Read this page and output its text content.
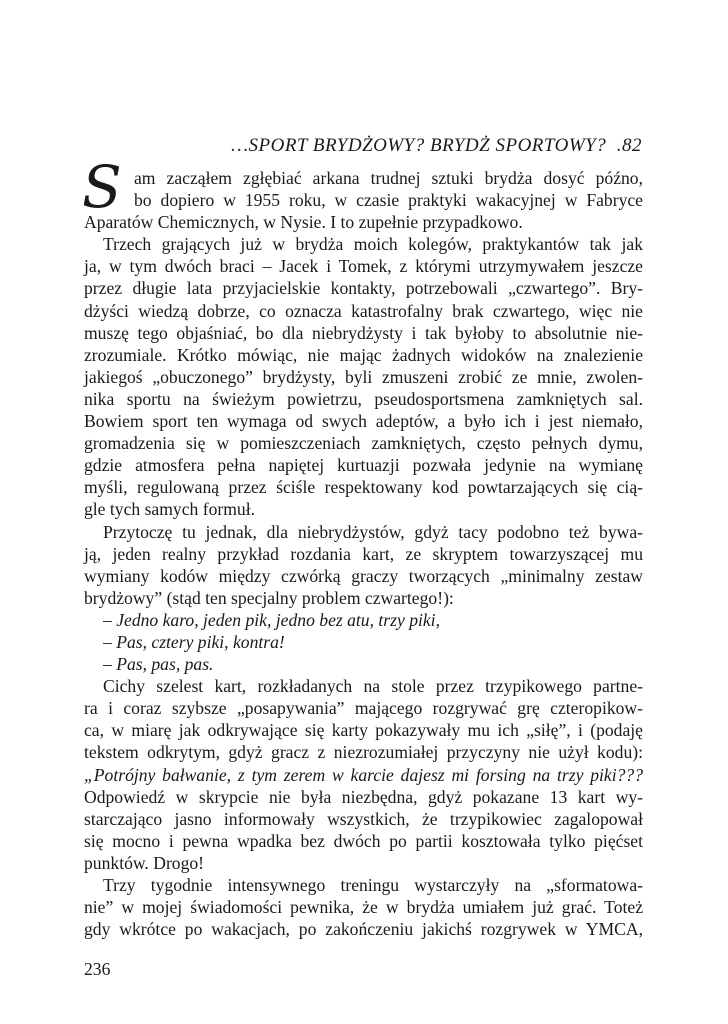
…SPORT BRYDŻOWY? BRYDŻ SPORTOWY? .82
S am zacząłem zgłębiać arkana trudnej sztuki brydża dosyć późno,
bo dopiero w 1955 roku, w czasie praktyki wakacyjnej w Fabryce
Aparatów Chemicznych, w Nysie. I to zupełnie przypadkowo.
Trzech grających już w brydża moich kolegów, praktykantów tak jak
ja, w tym dwóch braci – Jacek i Tomek, z którymi utrzymywałem jeszcze
przez długie lata przyjacielskie kontakty, potrzebowali „czwartego”. Bry-
dżyści wiedzą dobrze, co oznacza katastrofalny brak czwartego, więc nie
muszę tego objaśniać, bo dla niebrydżysty i tak byłoby to absolutnie nie-
zrozumiale. Krótko mówiąc, nie mając żadnych widoków na znalezienie
jakiegoś „obuczonego” brydżysty, byli zmuszeni zrobić ze mnie, zwolen-
nika sportu na świeżym powietrzu, pseudosportsmena zamkniętych sal.
Bowiem sport ten wymaga od swych adeptów, a było ich i jest niemało,
gromadzenia się w pomieszczeniach zamkniętych, często pełnych dymu,
gdzie atmosfera pełna napiętej kurtuazji pozwała jedynie na wymianę
myśli, regulowaną przez ściśle respektowany kod powtarzających się cią-
gle tych samych formuł.
Przytoczę tu jednak, dla niebrydżystów, gdyż tacy podobno też bywa-
ją, jeden realny przykład rozdania kart, ze skryptem towarzyszącej mu
wymiany kodów między czwórką graczy tworzących „minimalny zestaw
brydżowy” (stąd ten specjalny problem czwartego!):
– Jedno karo, jeden pik, jedno bez atu, trzy piki,
– Pas, cztery piki, kontra!
– Pas, pas, pas.
Cichy szelest kart, rozkładanych na stole przez trzypikowego partne-
ra i coraz szybsze „posapywania” mającego rozgrywać grę czteropikow-
ca, w miarę jak odkrywające się karty pokazywały mu ich „siłę”, i (podaję
tekstem odkrytym, gdyż gracz z niezrozumiałej przyczyny nie użył kodu):
„Potrójny bałwanie, z tym zerem w karcie dajesz mi forsing na trzy piki???
Odpowiedź w skrypcie nie była niezbędna, gdyż pokazane 13 kart wy-
starczająco jasno informowały wszystkich, że trzypikowiec zagalopował
się mocno i pewna wpadka bez dwóch po partii kosztowała tylko pięćset
punktów. Drogo!
Trzy tygodnie intensywnego treningu wystarczyły na „sformatowa-
nie” w mojej świadomości pewnika, że w brydża umiałem już grać. Toteż
gdy wkrótce po wakacjach, po zakończeniu jakichś rozgrywek w YMCA,
236
